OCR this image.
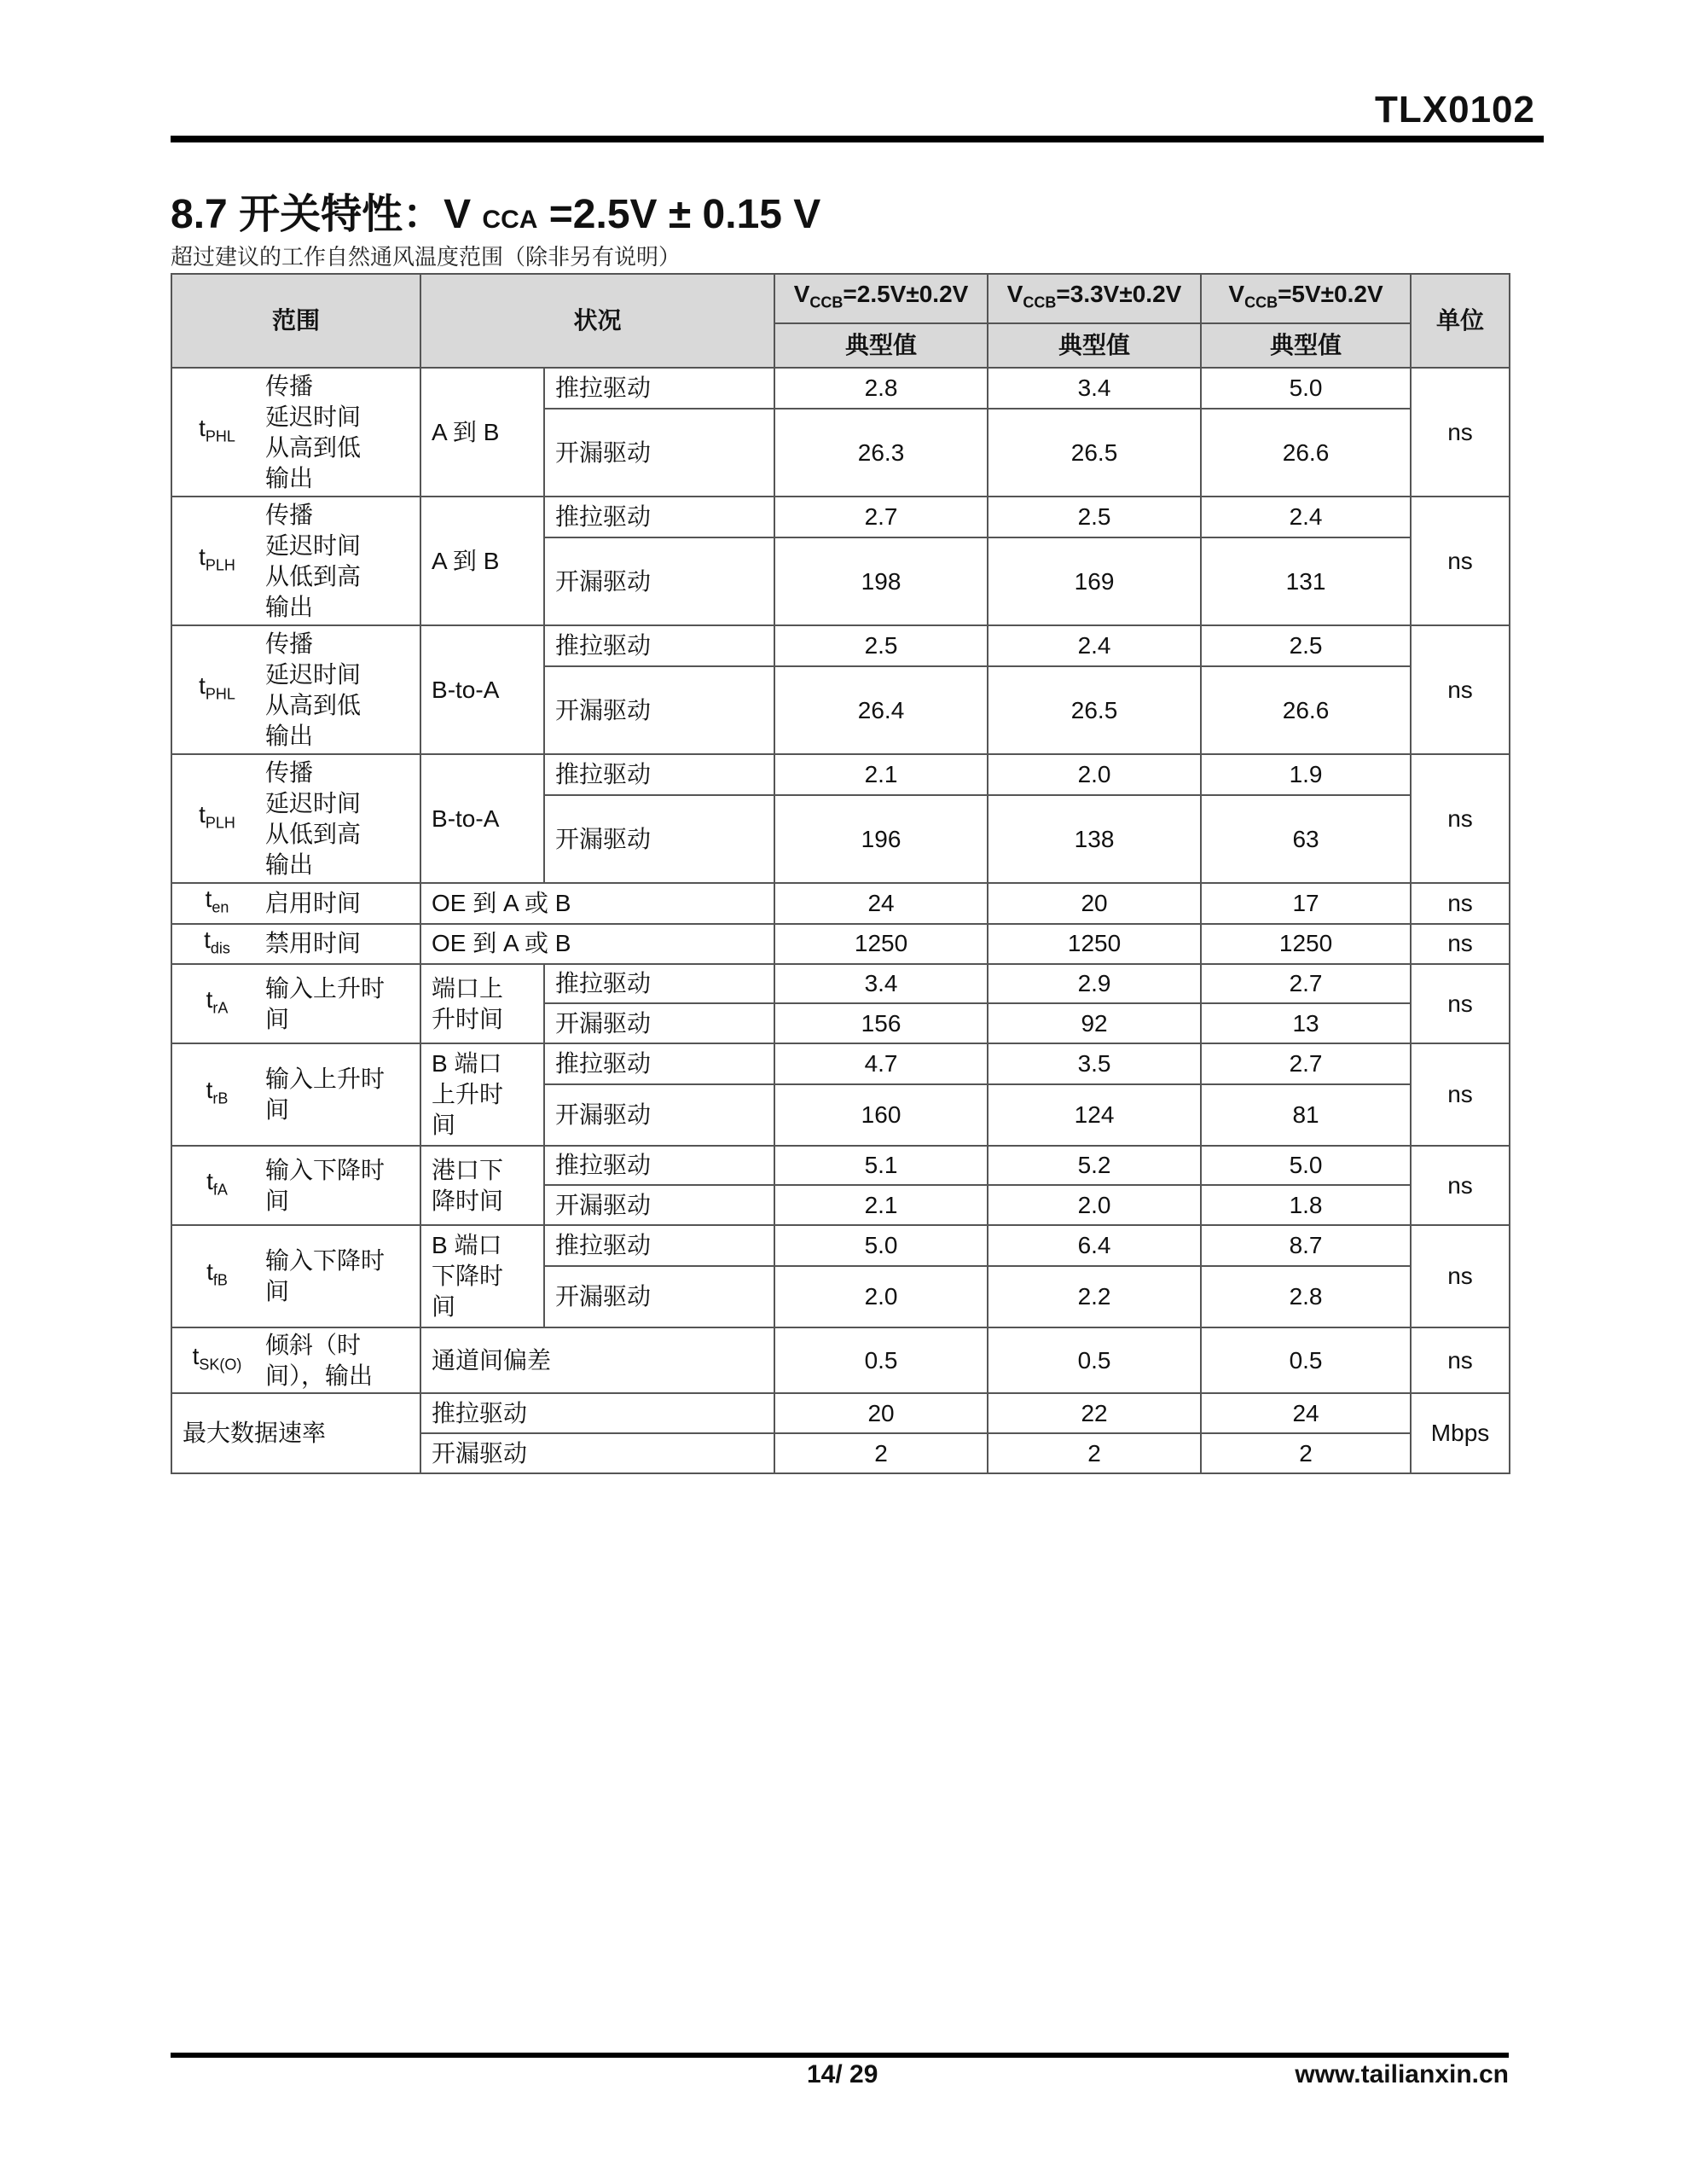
TLX0102
8.7 开关特性：V CCA =2.5V ± 0.15 V
超过建议的工作自然通风温度范围（除非另有说明）
范围		状况		$V_{CCB}=2.5V\pm 0.2V$	$V_{CCB}=3.3V\pm 0.2V$	$V_{CCB}=5V\pm 0.2V$	单位
				典型值	典型值	典型值	
$t_{PHL}$	传播
延迟时间
从高到低
输出	A 到 B	推拉驱动	2.8	3.4	5.0	ns
			开漏驱动	26.3	26.5	26.6	
$t_{PLH}$	传播
延迟时间
从低到高
输出	A 到 B	推拉驱动	2.7	2.5	2.4	ns
			开漏驱动	198	169	131	
$t_{PHL}$	传播
延迟时间
从高到低
输出	B-to-A	推拉驱动	2.5	2.4	2.5	ns
			开漏驱动	26.4	26.5	26.6	
$t_{PLH}$	传播
延迟时间
从低到高
输出	B-to-A	推拉驱动	2.1	2.0	1.9	ns
			开漏驱动	196	138	63	
$t_{en}$	启用时间	OE 到 A 或 B		24	20	17	ns
$t_{dis}$	禁用时间	OE 到 A 或 B		1250	1250	1250	ns
$t_{rA}$	输入上升时
间	端口上
升时间	推拉驱动	3.4	2.9	2.7	ns
			开漏驱动	156	92	13	
$t_{rB}$	输入上升时
间	B 端口
上升时
间	推拉驱动	4.7	3.5	2.7	ns
			开漏驱动	160	124	81	
$t_{fA}$	输入下降时
间	港口下
降时间	推拉驱动	5.1	5.2	5.0	ns
			开漏驱动	2.1	2.0	1.8	
$t_{fB}$	输入下降时
间	B 端口
下降时
间	推拉驱动	5.0	6.4	8.7	ns
			开漏驱动	2.0	2.2	2.8	
$t_{SK(O)}$	倾斜（时
间），输出	通道间偏差		0.5	0.5	0.5	ns
最大数据速率		推拉驱动		20	22	24	Mbps
		开漏驱动		2	2	2	
14/ 29	www.tailianxin.cn
